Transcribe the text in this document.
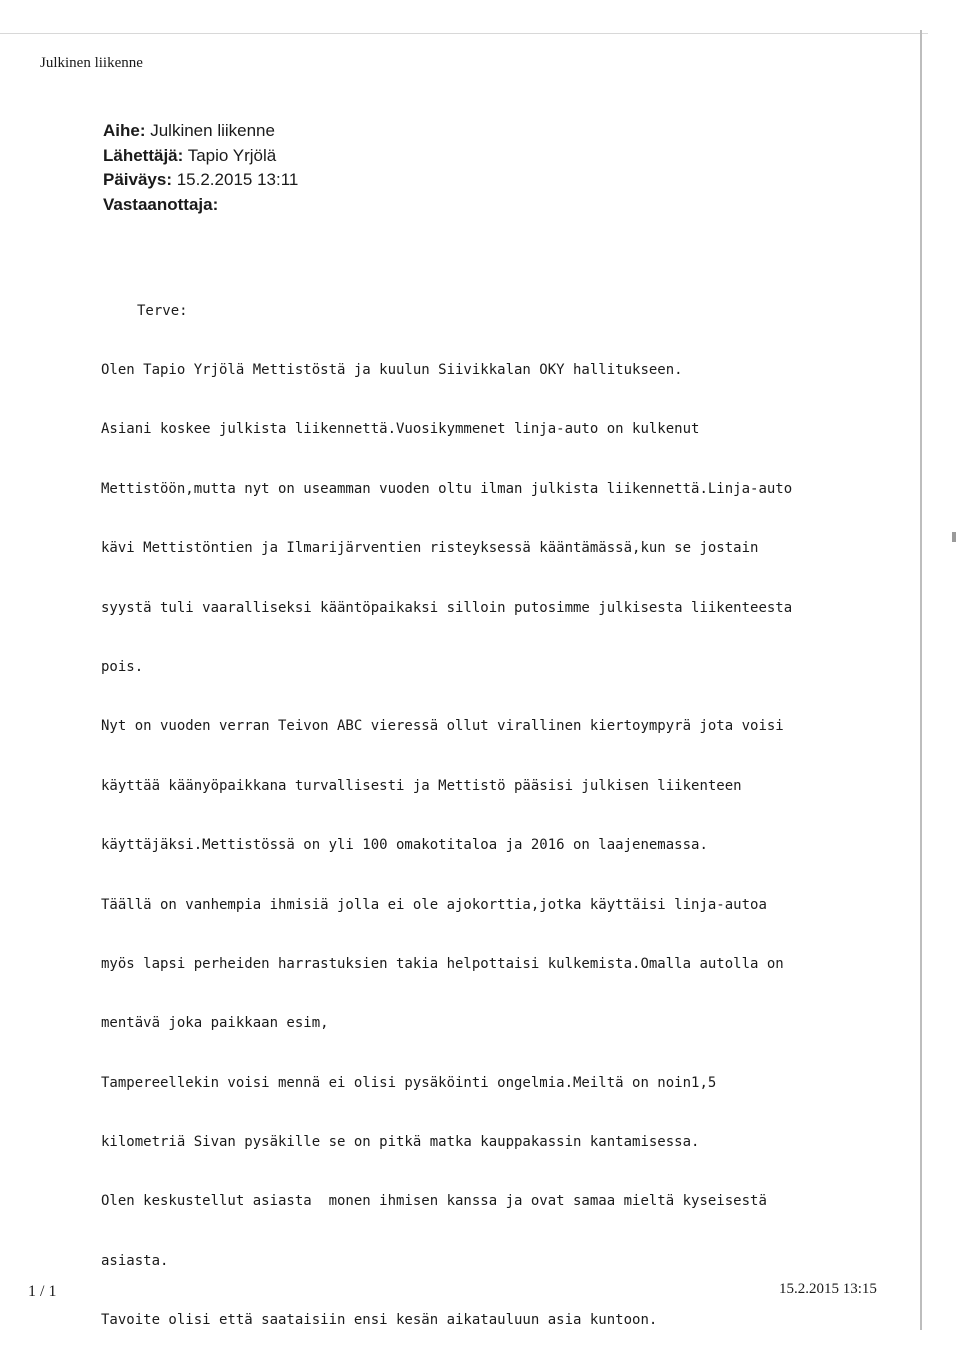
Julkinen liikenne
Aihe: Julkinen liikenne
Lähettäjä: Tapio Yrjölä
Päiväys: 15.2.2015 13:11
Vastaanottaja:

Terve:

Olen Tapio Yrjölä Mettistöstä ja kuulun Siivikkalan OKY hallitukseen.

Asiani koskee julkista liikennettä.Vuosikymmenet linja-auto on kulkenut

Mettistöön,mutta nyt on useamman vuoden oltu ilman julkista liikennettä.Linja-auto

kävi Mettistöntien ja Ilmarijärventien risteyksessä kääntämässä,kun se jostain

syystä tuli vaaralliseksi kääntöpaikaksi silloin putosimme julkisesta liikenteesta

pois.

Nyt on vuoden verran Teivon ABC vieressä ollut virallinen kiertoympyrä jota voisi

käyttää käänyöpaikkana turvallisesti ja Mettistö pääsisi julkisen liikenteen

käyttäjäksi.Mettistössä on yli 100 omakotitaloa ja 2016 on laajenemassa.

Täällä on vanhempia ihmisiä jolla ei ole ajokorttia,jotka käyttäisi linja-autoa

myös lapsi perheiden harrastuksien takia helpottaisi kulkemista.Omalla autolla on

mentävä joka paikkaan esim,

Tampereellekin voisi mennä ei olisi pysäköinti ongelmia.Meiltä on noin1,5

kilometriä Sivan pysäkille se on pitkä matka kauppakassin kantamisessa.

Olen keskustellut asiasta  monen ihmisen kanssa ja ovat samaa mieltä kyseisestä

asiasta.

Tavoite olisi että saataisiin ensi kesän aikatauluun asia kuntoon.

1 / 1	15.2.2015 13:15
